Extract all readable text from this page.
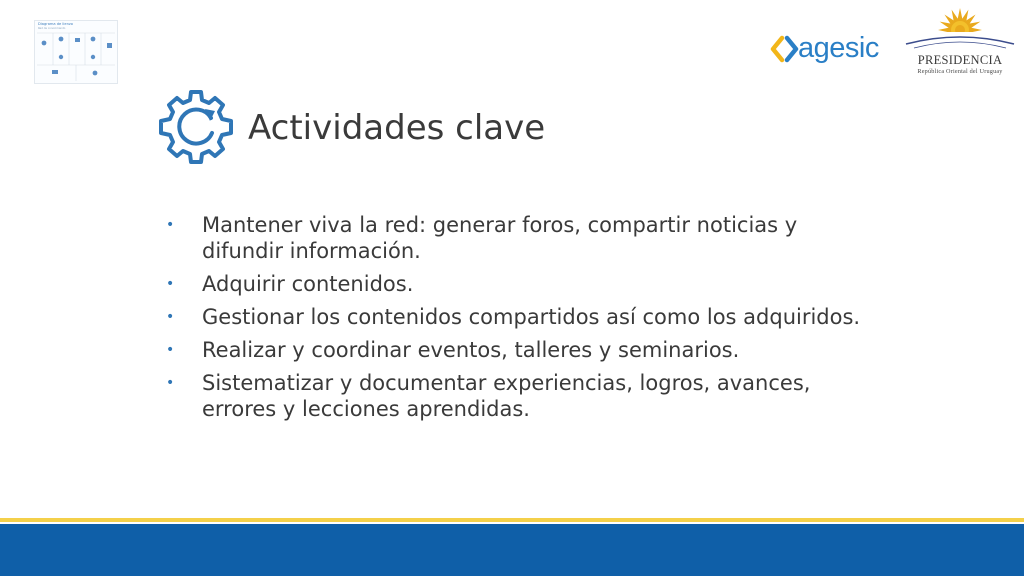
Diagrama de lienzo
Red de conocimiento
agesic	PRESIDENCIA
República Oriental del Uruguay
Actividades clave
• Mantener viva la red: generar foros, compartir noticias y difundir información.
• Adquirir contenidos.
• Gestionar los contenidos compartidos así como los adquiridos.
• Realizar y coordinar eventos, talleres y seminarios.
• Sistematizar y documentar experiencias, logros, avances, errores y lecciones aprendidas.
